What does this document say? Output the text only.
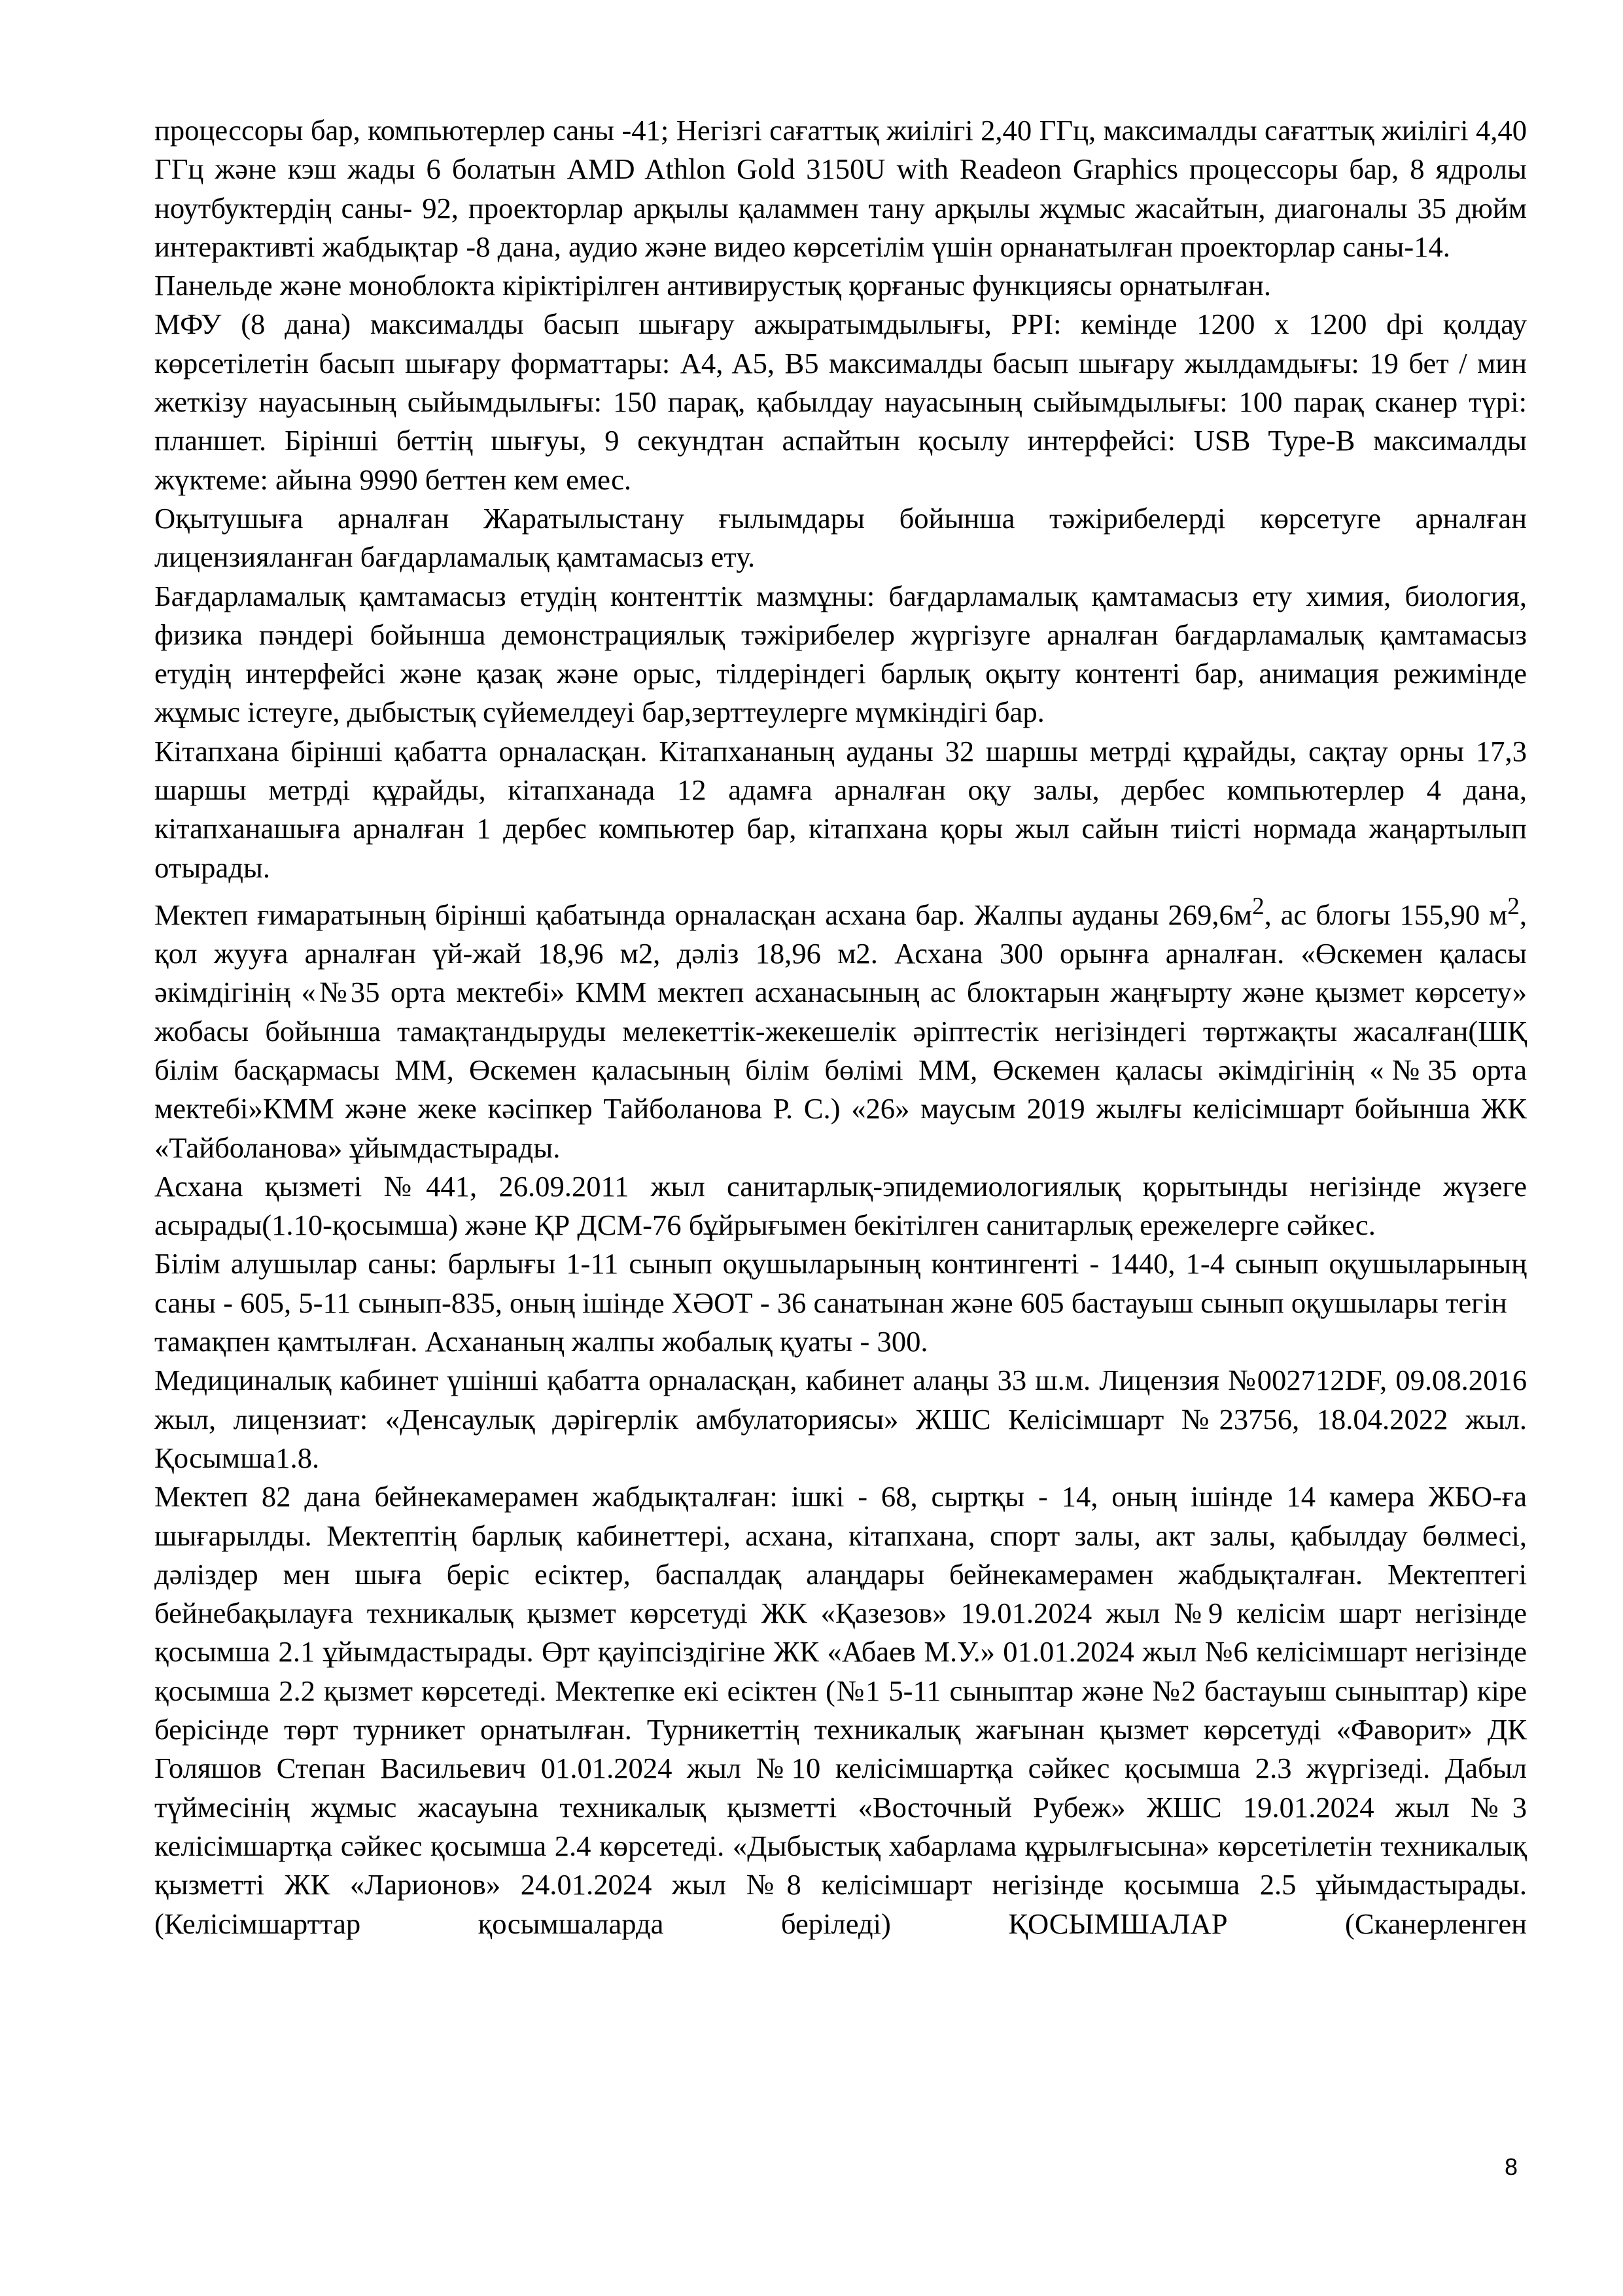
процессоры бар, компьютерлер саны -41; Негізгі сағаттық жиілігі 2,40 ГГц, максималды сағаттық жиілігі 4,40 ГГц және кэш жады 6 болатын AMD Athlon Gold 3150U with Readeon Graphics процессоры бар, 8 ядролы ноутбуктердің саны- 92, проекторлар арқылы қаламмен тану арқылы жұмыс жасайтын, диагоналы 35 дюйм интерактивті жабдықтар -8 дана, аудио және видео көрсетілім үшін орнанатылған проекторлар саны-14.

Панельде және моноблокта кіріктірілген антивирустық қорғаныс функциясы орнатылған.

МФУ (8 дана) максималды басып шығару ажыратымдылығы, PPI: кемінде 1200 х 1200 dpi қолдау көрсетілетін басып шығару форматтары: A4, A5, B5 максималды басып шығару жылдамдығы: 19 бет / мин жеткізу науасының сыйымдылығы: 150 парақ, қабылдау науасының сыйымдылығы: 100 парақ сканер түрі: планшет. Бірінші беттің шығуы, 9 секундтан аспайтын қосылу интерфейсі: USB Type-B максималды жүктеме: айына 9990 беттен кем емес.

Оқытушыға арналған Жаратылыстану ғылымдары бойынша тәжірибелерді көрсетуге арналған лицензияланған бағдарламалық қамтамасыз ету.

Бағдарламалық қамтамасыз етудің контенттік мазмұны: бағдарламалық қамтамасыз ету химия, биология, физика пәндері бойынша демонстрациялық тәжірибелер жүргізуге арналған бағдарламалық қамтамасыз етудің интерфейсі және қазақ және орыс, тілдеріндегі барлық оқыту контенті бар, анимация режимінде жұмыс істеуге, дыбыстық сүйемелдеуі бар,зерттеулерге мүмкіндігі бар.

Кітапхана бірінші қабатта орналасқан. Кітапхананың ауданы 32 шаршы метрді құрайды, сақтау орны 17,3 шаршы метрді құрайды, кітапханада 12 адамға арналған оқу залы, дербес компьютерлер 4 дана, кітапханашыға арналған 1 дербес компьютер бар, кітапхана қоры жыл сайын тиісті нормада жаңартылып отырады.

Мектеп ғимаратының бірінші қабатында орналасқан асхана бар. Жалпы ауданы $269,6м^2$, ас блогы 155,90 $м^2$, қол жууға арналған үй-жай 18,96 м2, дәліз 18,96 м2. Асхана 300 орынға арналған. «Өскемен қаласы әкімдігінің «№35 орта мектебі» КММ мектеп асханасының ас блоктарын жаңғырту және қызмет көрсету» жобасы бойынша тамақтандыруды мелекеттік-жекешелік әріптестік негізіндегі төртжақты жасалған(ШҚ білім басқармасы ММ, Өскемен қаласының білім бөлімі ММ, Өскемен қаласы әкімдігінің «№35 орта мектебі»КММ және жеке кәсіпкер Тайболанова Р. С.) «26» маусым 2019 жылғы келісімшарт бойынша ЖК «Тайболанова» ұйымдастырады.

Асхана қызметі №441, 26.09.2011 жыл санитарлық-эпидемиологиялық қорытынды негізінде жүзеге асырады(1.10-қосымша) және ҚР ДСМ-76 бұйрығымен бекітілген санитарлық ережелерге сәйкес.

Білім алушылар саны: барлығы 1-11 сынып оқушыларының контингенті - 1440, 1-4 сынып оқушыларының саны - 605, 5-11 сынып-835, оның ішінде ХӘОТ - 36 санатынан және 605 бастауыш сынып оқушылары тегін

тамақпен қамтылған. Асхананың жалпы жобалық қуаты - 300.

Медициналық кабинет үшінші қабатта орналасқан, кабинет алаңы 33 ш.м. Лицензия №002712DF, 09.08.2016 жыл, лицензиат: «Денсаулық дәрігерлік амбулаториясы» ЖШС Келісімшарт №23756, 18.04.2022 жыл. Қосымша1.8.

Мектеп 82 дана бейнекамерамен жабдықталған: ішкі - 68, сыртқы - 14, оның ішінде 14 камера ЖБО-ға шығарылды. Мектептің барлық кабинеттері, асхана, кітапхана, спорт залы, акт залы, қабылдау бөлмесі, дәліздер мен шыға беріс есіктер, баспалдақ алаңдары бейнекамерамен жабдықталған. Мектептегі бейнебақылауға техникалық қызмет көрсетуді ЖК «Қазезов» 19.01.2024 жыл №9 келісім шарт негізінде қосымша 2.1 ұйымдастырады. Өрт қауіпсіздігіне ЖК «Абаев М.У.» 01.01.2024 жыл №6 келісімшарт негізінде қосымша 2.2 қызмет көрсетеді. Мектепке екі есіктен (№1 5-11 сыныптар және №2 бастауыш сыныптар) кіре берісінде төрт турникет орнатылған. Турникеттің техникалық жағынан қызмет көрсетуді «Фаворит» ДК Голяшов Степан Васильевич 01.01.2024 жыл №10 келісімшартқа сәйкес қосымша 2.3 жүргізеді. Дабыл түймесінің жұмыс жасауына техникалық қызметті «Восточный Рубеж» ЖШС 19.01.2024 жыл №3 келісімшартқа сәйкес қосымша 2.4 көрсетеді. «Дыбыстық хабарлама құрылғысына» көрсетілетін техникалық қызметті ЖК «Ларионов» 24.01.2024 жыл №8 келісімшарт негізінде қосымша 2.5 ұйымдастырады.(Келісімшарттар қосымшаларда беріледі) ҚОСЫМШАЛАР (Сканерленген

8
